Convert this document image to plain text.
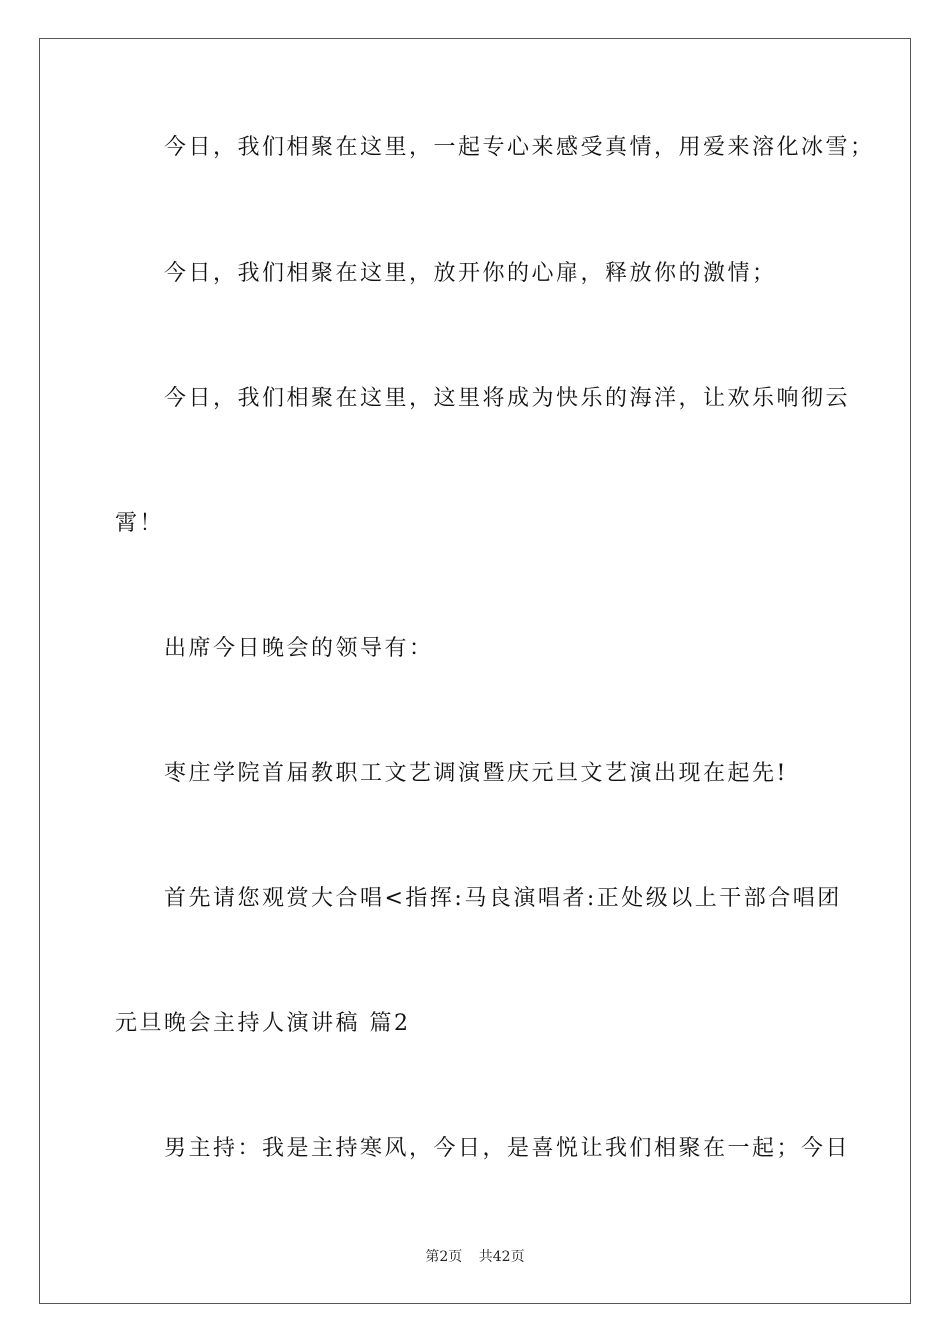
今日，我们相聚在这里，一起专心来感受真情，用爱来溶化冰雪；
今日，我们相聚在这里，放开你的心扉，释放你的激情；
今日，我们相聚在这里，这里将成为快乐的海洋，让欢乐响彻云
霄！
出席今日晚会的领导有：
枣庄学院首届教职工文艺调演暨庆元旦文艺演出现在起先!
首先请您观赏大合唱<指挥:马良演唱者:正处级以上干部合唱团
元旦晚会主持人演讲稿 篇2
男主持：我是主持寒风，今日，是喜悦让我们相聚在一起；今日
第2页 共42页
